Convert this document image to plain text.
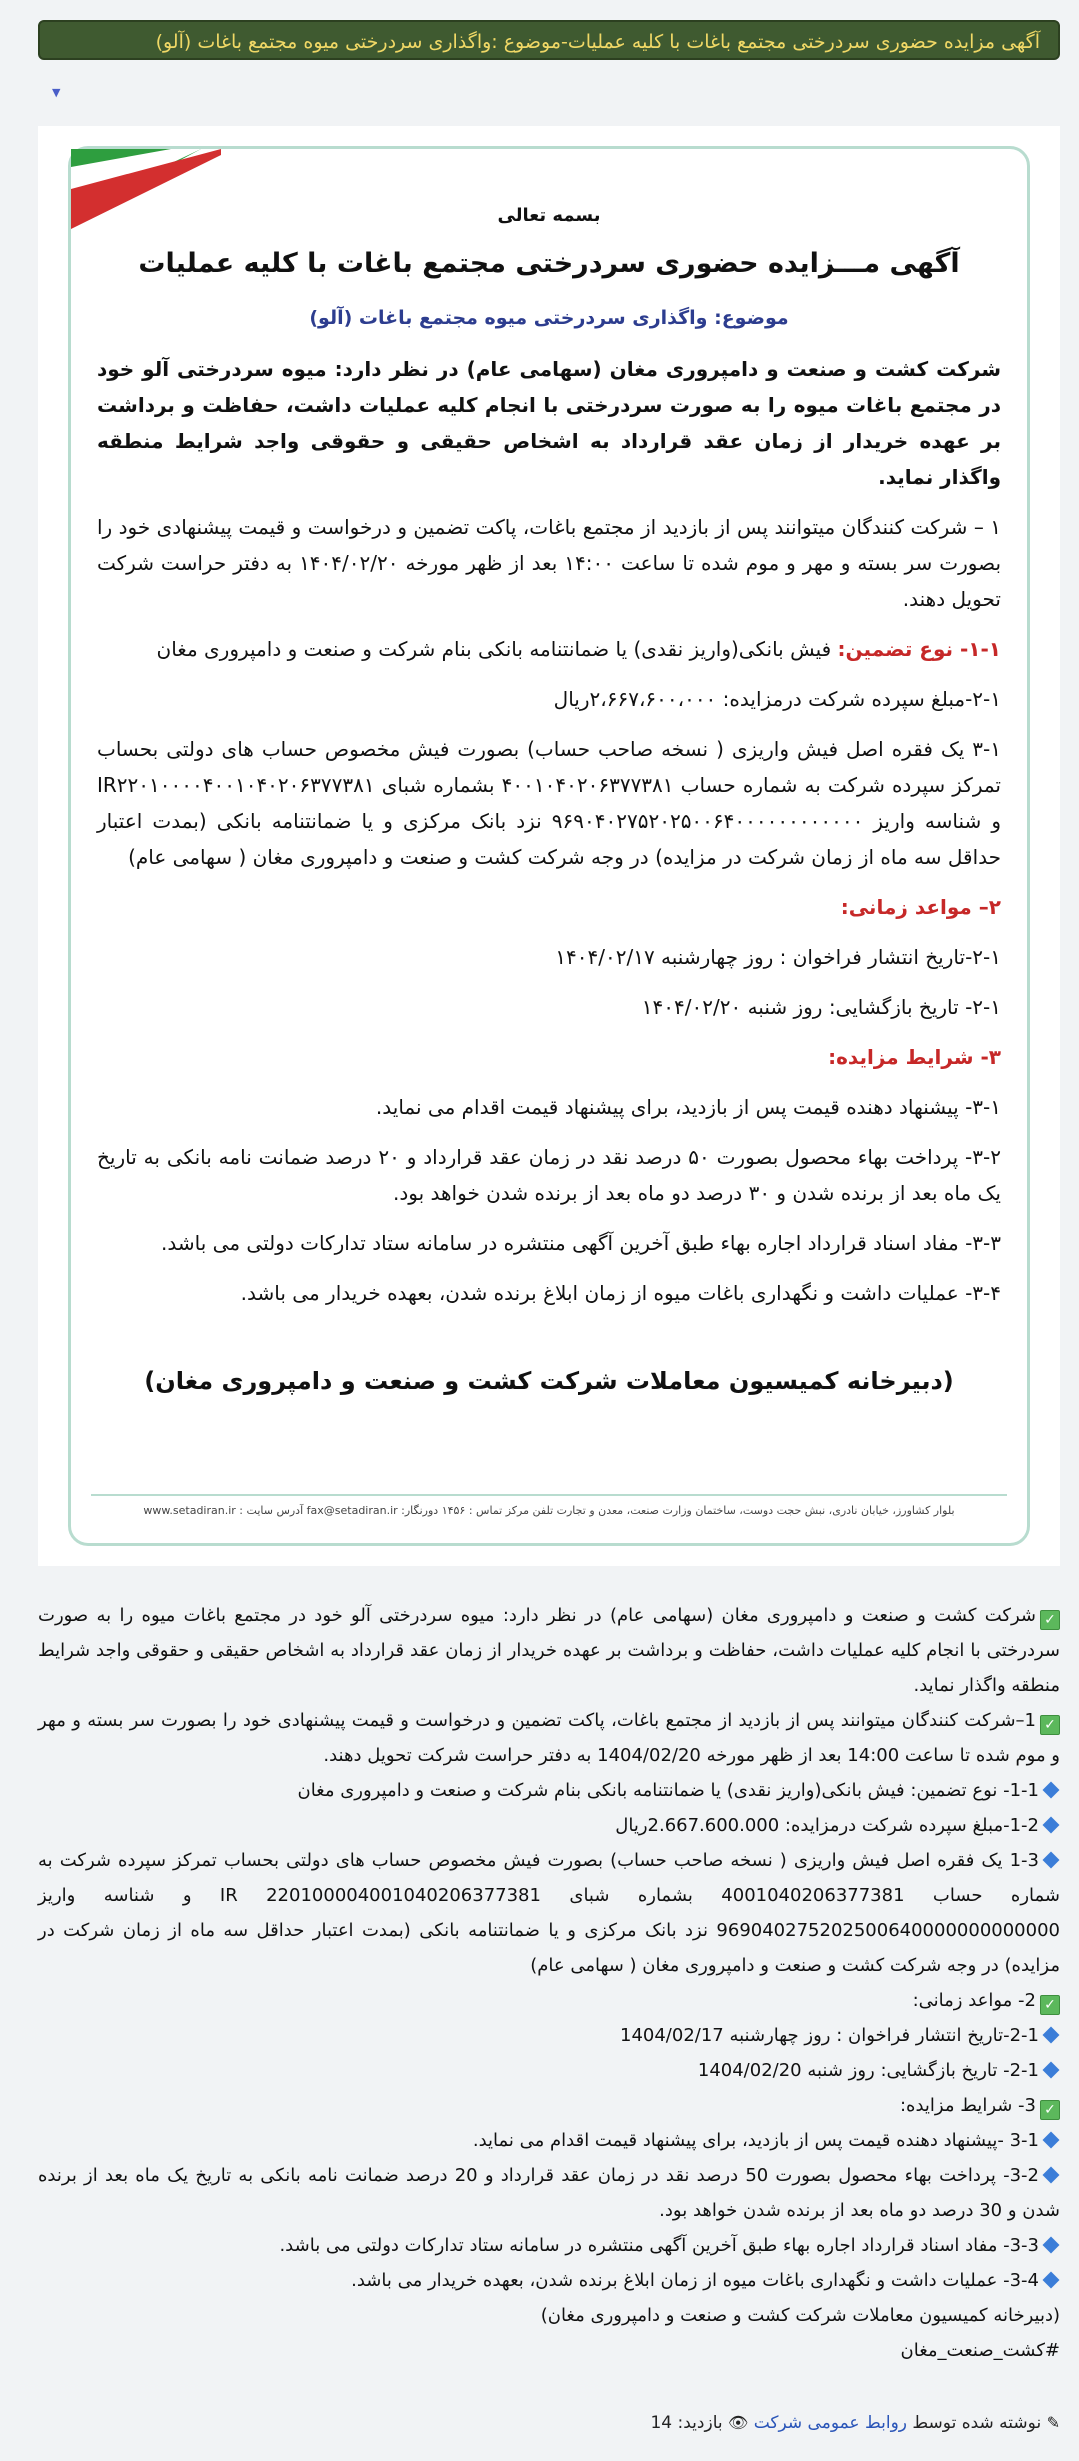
آگهی مزایده حضوری سردرختی مجتمع باغات با کلیه عملیات-موضوع :واگذاری سردرختی میوه مجتمع باغات (آلو)
▼
بسمه تعالی
آگهی مـــزایده حضوری سردرختی مجتمع باغات با کلیه عملیات
موضوع: واگذاری سردرختی میوه مجتمع باغات (آلو)

شرکت کشت و صنعت و دامپروری مغان (سهامی عام) در نظر دارد: میوه سردرختی آلو خود در مجتمع باغات میوه را به صورت سردرختی با انجام کلیه عملیات داشت، حفاظت و برداشت بر عهده خریدار از زمان عقد قرارداد به اشخاص حقیقی و حقوقی واجد شرایط منطقه واگذار نماید.

۱ – شرکت کنندگان میتوانند پس از بازدید از مجتمع باغات، پاکت تضمین و درخواست و قیمت پیشنهادی خود را بصورت سر بسته و مهر و موم شده تا ساعت ۱۴:۰۰ بعد از ظهر مورخه ۱۴۰۴/۰۲/۲۰ به دفتر حراست شرکت تحویل دهند.

۱-۱- نوع تضمین: فیش بانکی(واریز نقدی) یا ضمانتنامه بانکی بنام شرکت و صنعت و دامپروری مغان

۲-۱-مبلغ سپرده شرکت درمزایده: ۲،۶۶۷،۶۰۰،۰۰۰ریال

۳-۱ یک فقره اصل فیش واریزی ( نسخه صاحب حساب) بصورت فیش مخصوص حساب های دولتی بحساب تمرکز سپرده شرکت به شماره حساب ۴۰۰۱۰۴۰۲۰۶۳۷۷۳۸۱ بشماره شبای IR۲۲۰۱۰۰۰۰۴۰۰۱۰۴۰۲۰۶۳۷۷۳۸۱ و شناسه واریز ۹۶۹۰۴۰۲۷۵۲۰۲۵۰۰۶۴۰۰۰۰۰۰۰۰۰۰۰۰ نزد بانک مرکزی و یا ضمانتنامه بانکی (بمدت اعتبار حداقل سه ماه از زمان شرکت در مزایده) در وجه شرکت کشت و صنعت و دامپروری مغان ( سهامی عام)

۲– مواعد زمانی:

۲-۱-تاریخ انتشار فراخوان : روز چهارشنبه ۱۴۰۴/۰۲/۱۷

۲-۱- تاریخ بازگشایی: روز شنبه ۱۴۰۴/۰۲/۲۰

۳- شرایط مزایده:

۳-۱- پیشنهاد دهنده قیمت پس از بازدید، برای پیشنهاد قیمت اقدام می نماید.

۳-۲- پرداخت بهاء محصول بصورت ۵۰ درصد نقد در زمان عقد قرارداد و ۲۰ درصد ضمانت نامه بانکی به تاریخ یک ماه بعد از برنده شدن و ۳۰ درصد دو ماه بعد از برنده شدن خواهد بود.

۳-۳- مفاد اسناد قرارداد اجاره بهاء طبق آخرین آگهی منتشره در سامانه ستاد تدارکات دولتی می باشد.

۳-۴- عملیات داشت و نگهداری باغات میوه از زمان ابلاغ برنده شدن، بعهده خریدار می باشد.

(دبیرخانه کمیسیون معاملات شرکت کشت و صنعت و دامپروری مغان)
بلوار کشاورز، خیابان نادری، نبش حجت دوست، ساختمان وزارت صنعت، معدن و تجارت تلفن مرکز تماس : ۱۴۵۶ دورنگار: fax@setadiran.ir آدرس سایت : www.setadiran.ir
✓شرکت کشت و صنعت و دامپروری مغان (سهامی عام) در نظر دارد: میوه سردرختی آلو خود در مجتمع باغات میوه را به صورت سردرختی با انجام کلیه عملیات داشت، حفاظت و برداشت بر عهده خریدار از زمان عقد قرارداد به اشخاص حقیقی و حقوقی واجد شرایط منطقه واگذار نماید.
✓1–شرکت کنندگان میتوانند پس از بازدید از مجتمع باغات، پاکت تضمین و درخواست و قیمت پیشنهادی خود را بصورت سر بسته و مهر و موم شده تا ساعت 14:00 بعد از ظهر مورخه 1404/02/20 به دفتر حراست شرکت تحویل دهند.
1-1- نوع تضمین: فیش بانکی(واریز نقدی) یا ضمانتنامه بانکی بنام شرکت و صنعت و دامپروری مغان
1-2-مبلغ سپرده شرکت درمزایده: 2.667.600.000ریال
1-3 یک فقره اصل فیش واریزی ( نسخه صاحب حساب) بصورت فیش مخصوص حساب های دولتی بحساب تمرکز سپرده شرکت به شماره حساب 4001040206377381 بشماره شبای IR 220100004001040206377381 و شناسه واریز 969040275202500640000000000000 نزد بانک مرکزی و یا ضمانتنامه بانکی (بمدت اعتبار حداقل سه ماه از زمان شرکت در مزایده) در وجه شرکت کشت و صنعت و دامپروری مغان ( سهامی عام)
✓2- مواعد زمانی:
2-1-تاریخ انتشار فراخوان : روز چهارشنبه 1404/02/17
2-1- تاریخ بازگشایی: روز شنبه 1404/02/20
✓3- شرایط مزایده:
3-1 -پیشنهاد دهنده قیمت پس از بازدید، برای پیشنهاد قیمت اقدام می نماید.
3-2- پرداخت بهاء محصول بصورت 50 درصد نقد در زمان عقد قرارداد و 20 درصد ضمانت نامه بانکی به تاریخ یک ماه بعد از برنده شدن و 30 درصد دو ماه بعد از برنده شدن خواهد بود.
3-3- مفاد اسناد قرارداد اجاره بهاء طبق آخرین آگهی منتشره در سامانه ستاد تدارکات دولتی می باشد.
3-4- عملیات داشت و نگهداری باغات میوه از زمان ابلاغ برنده شدن، بعهده خریدار می باشد.
(دبیرخانه کمیسیون معاملات شرکت کشت و صنعت و دامپروری مغان)
#کشت_صنعت_مغان
✎ نوشته شده توسط روابط عمومی شرکت 👁 بازدید: 14
